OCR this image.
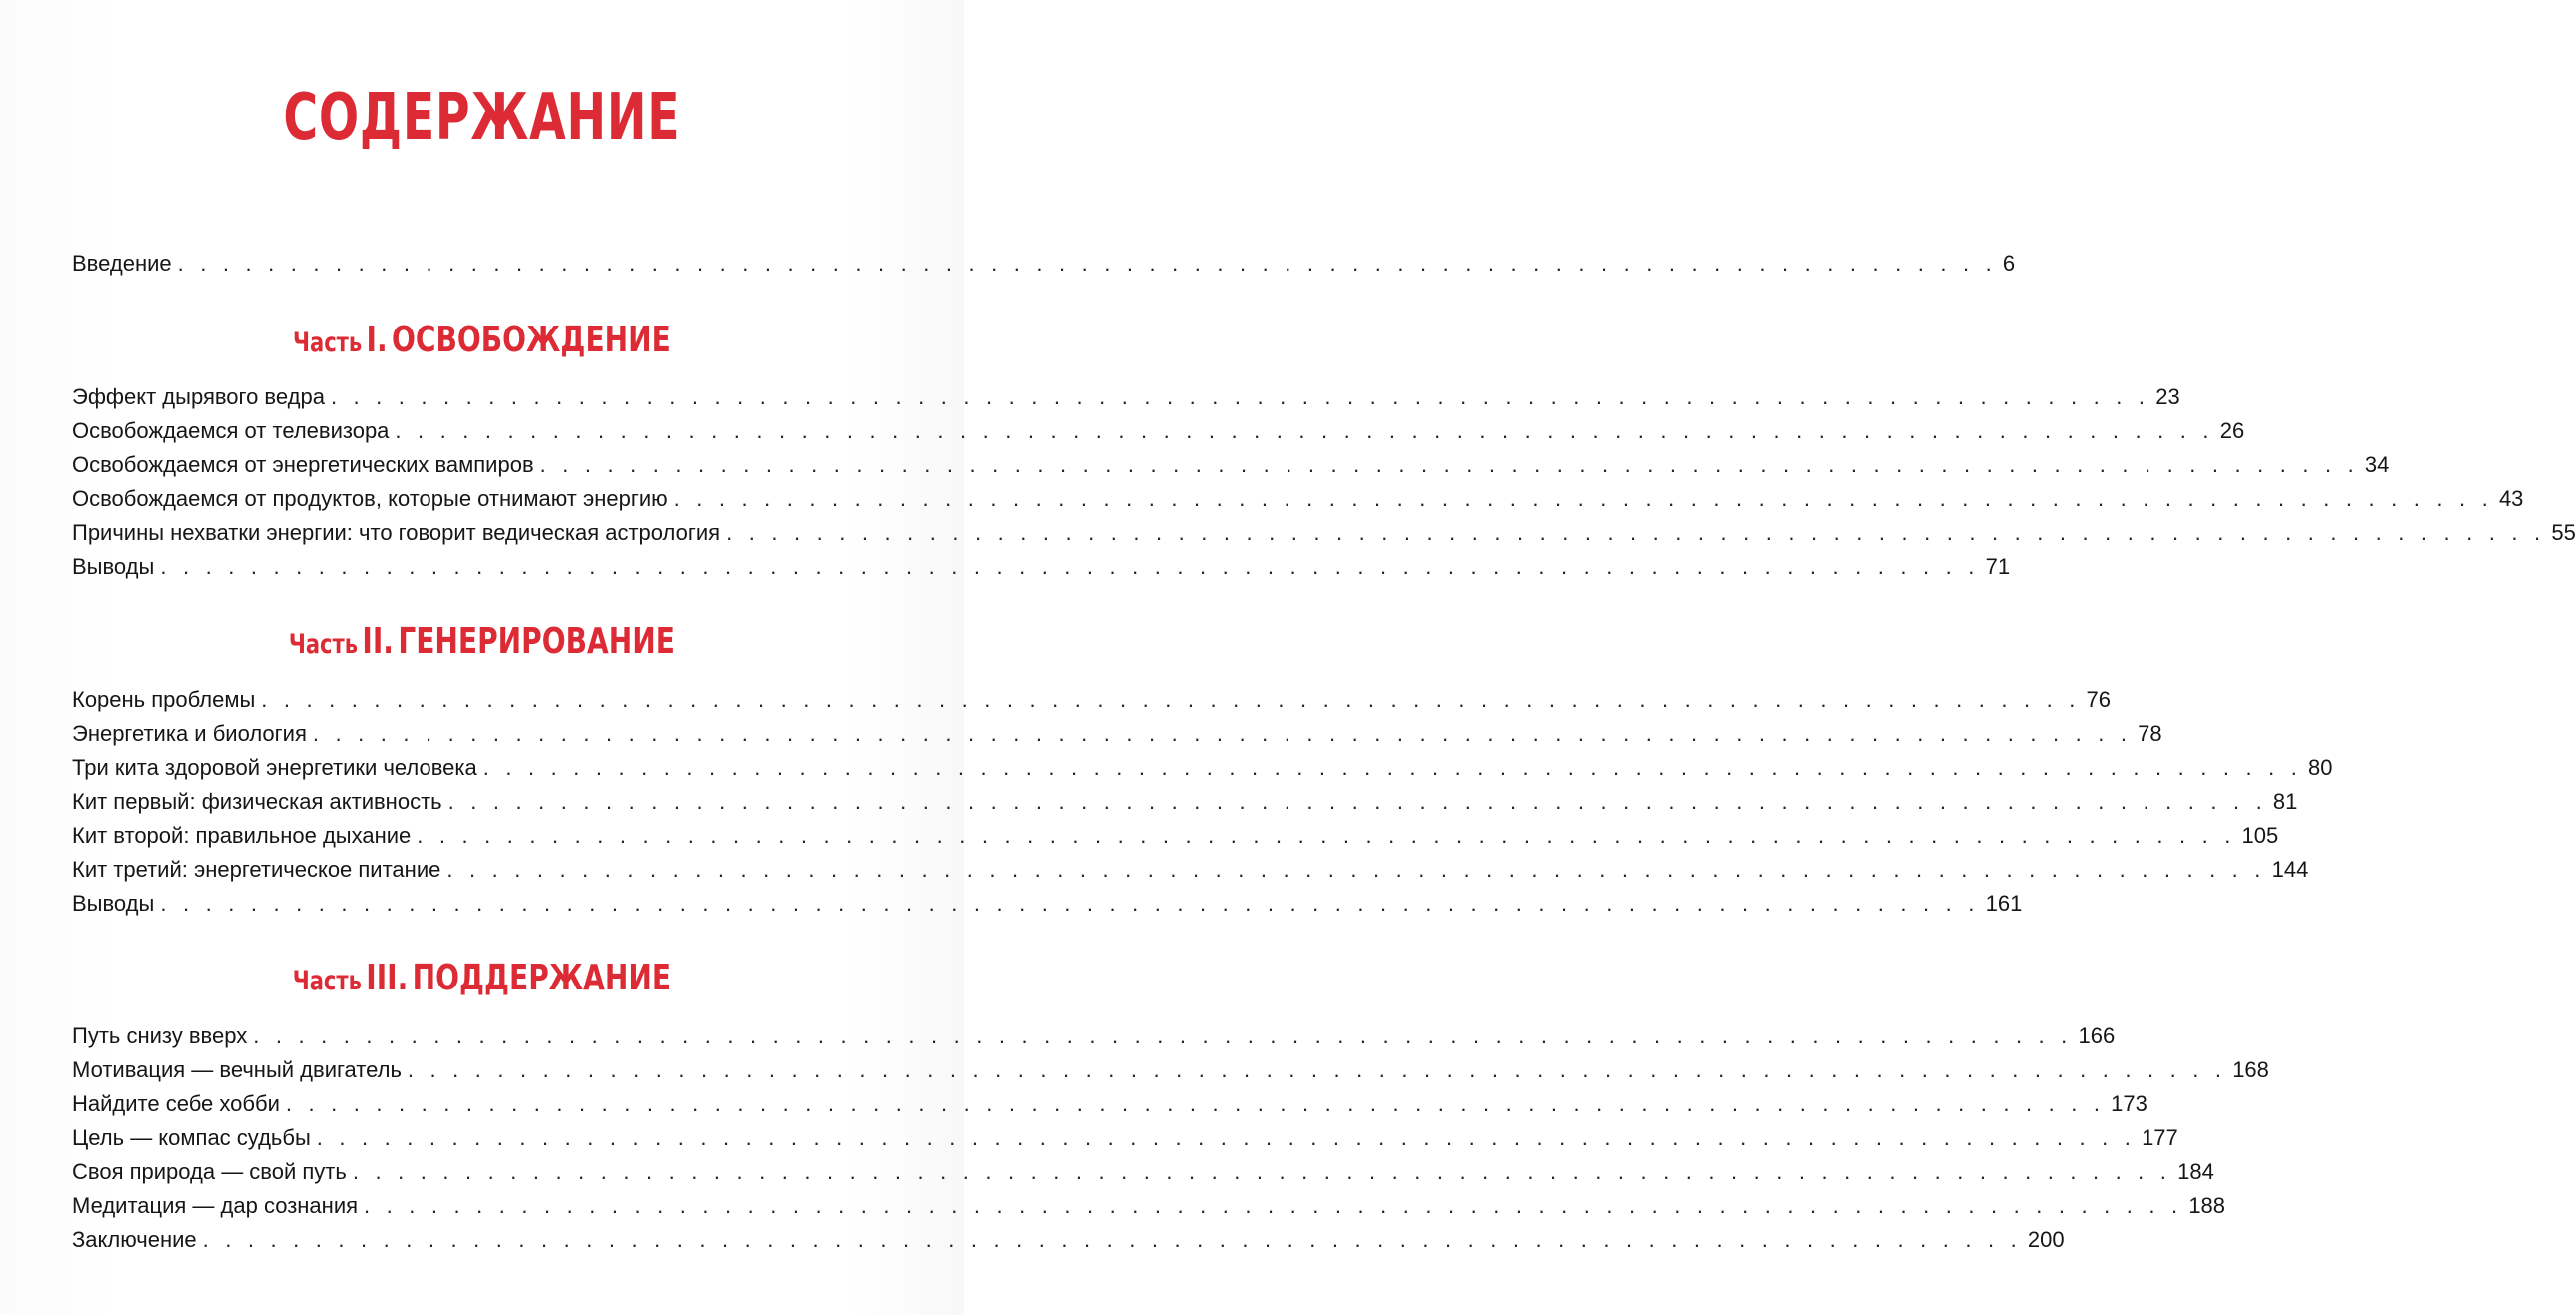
СОДЕРЖАНИЕ
Введение . . . . . . . . . . . . . . . . . . . . . . . . . . . . . . . . . . . . . . . . . . . . . . . . . . . . . . . . . . . . . . . . . . . . . . . . . . . . . . . . . 6
Часть I. ОСВОБОЖДЕНИЕ
Эффект дырявого ведра . . . . . . . . . . . . . . . . . . . . . . . . . . . . . . . . . . . . . . . . . . . . . . . . . . . . . . . . . . . . . . . . . . . . . . . . . . . . . . . . . 23
Освобождаемся от телевизора . . . . . . . . . . . . . . . . . . . . . . . . . . . . . . . . . . . . . . . . . . . . . . . . . . . . . . . . . . . . . . . . . . . . . . . . . . . . . . . . . 26
Освобождаемся от энергетических вампиров . . . . . . . . . . . . . . . . . . . . . . . . . . . . . . . . . . . . . . . . . . . . . . . . . . . . . . . . . . . . . . . . . . . . . . . . . . . . . . . . . 34
Освобождаемся от продуктов, которые отнимают энергию . . . . . . . . . . . . . . . . . . . . . . . . . . . . . . . . . . . . . . . . . . . . . . . . . . . . . . . . . . . . . . . . . . . . . . . . . . . . . . . . . 43
Причины нехватки энергии: что говорит ведическая астрология . . . . . . . . . . . . . . . . . . . . . . . . . . . . . . . . . . . . . . . . . . . . . . . . . . . . . . . . . . . . . . . . . . . . . . . . . . . . . . . . . 55
Выводы . . . . . . . . . . . . . . . . . . . . . . . . . . . . . . . . . . . . . . . . . . . . . . . . . . . . . . . . . . . . . . . . . . . . . . . . . . . . . . . . . 71
Часть II. ГЕНЕРИРОВАНИЕ
Корень проблемы . . . . . . . . . . . . . . . . . . . . . . . . . . . . . . . . . . . . . . . . . . . . . . . . . . . . . . . . . . . . . . . . . . . . . . . . . . . . . . . . . 76
Энергетика и биология . . . . . . . . . . . . . . . . . . . . . . . . . . . . . . . . . . . . . . . . . . . . . . . . . . . . . . . . . . . . . . . . . . . . . . . . . . . . . . . . . 78
Три кита здоровой энергетики человека . . . . . . . . . . . . . . . . . . . . . . . . . . . . . . . . . . . . . . . . . . . . . . . . . . . . . . . . . . . . . . . . . . . . . . . . . . . . . . . . . 80
Кит первый: физическая активность . . . . . . . . . . . . . . . . . . . . . . . . . . . . . . . . . . . . . . . . . . . . . . . . . . . . . . . . . . . . . . . . . . . . . . . . . . . . . . . . . 81
Кит второй: правильное дыхание . . . . . . . . . . . . . . . . . . . . . . . . . . . . . . . . . . . . . . . . . . . . . . . . . . . . . . . . . . . . . . . . . . . . . . . . . . . . . . . . . 105
Кит третий: энергетическое питание . . . . . . . . . . . . . . . . . . . . . . . . . . . . . . . . . . . . . . . . . . . . . . . . . . . . . . . . . . . . . . . . . . . . . . . . . . . . . . . . . 144
Выводы . . . . . . . . . . . . . . . . . . . . . . . . . . . . . . . . . . . . . . . . . . . . . . . . . . . . . . . . . . . . . . . . . . . . . . . . . . . . . . . . . 161
Часть III. ПОДДЕРЖАНИЕ
Путь снизу вверх . . . . . . . . . . . . . . . . . . . . . . . . . . . . . . . . . . . . . . . . . . . . . . . . . . . . . . . . . . . . . . . . . . . . . . . . . . . . . . . . . 166
Мотивация — вечный двигатель . . . . . . . . . . . . . . . . . . . . . . . . . . . . . . . . . . . . . . . . . . . . . . . . . . . . . . . . . . . . . . . . . . . . . . . . . . . . . . . . . 168
Найдите себе хобби . . . . . . . . . . . . . . . . . . . . . . . . . . . . . . . . . . . . . . . . . . . . . . . . . . . . . . . . . . . . . . . . . . . . . . . . . . . . . . . . . 173
Цель — компас судьбы . . . . . . . . . . . . . . . . . . . . . . . . . . . . . . . . . . . . . . . . . . . . . . . . . . . . . . . . . . . . . . . . . . . . . . . . . . . . . . . . . 177
Своя природа — свой путь . . . . . . . . . . . . . . . . . . . . . . . . . . . . . . . . . . . . . . . . . . . . . . . . . . . . . . . . . . . . . . . . . . . . . . . . . . . . . . . . . 184
Медитация — дар сознания . . . . . . . . . . . . . . . . . . . . . . . . . . . . . . . . . . . . . . . . . . . . . . . . . . . . . . . . . . . . . . . . . . . . . . . . . . . . . . . . . 188
Заключение . . . . . . . . . . . . . . . . . . . . . . . . . . . . . . . . . . . . . . . . . . . . . . . . . . . . . . . . . . . . . . . . . . . . . . . . . . . . . . . . . 200
